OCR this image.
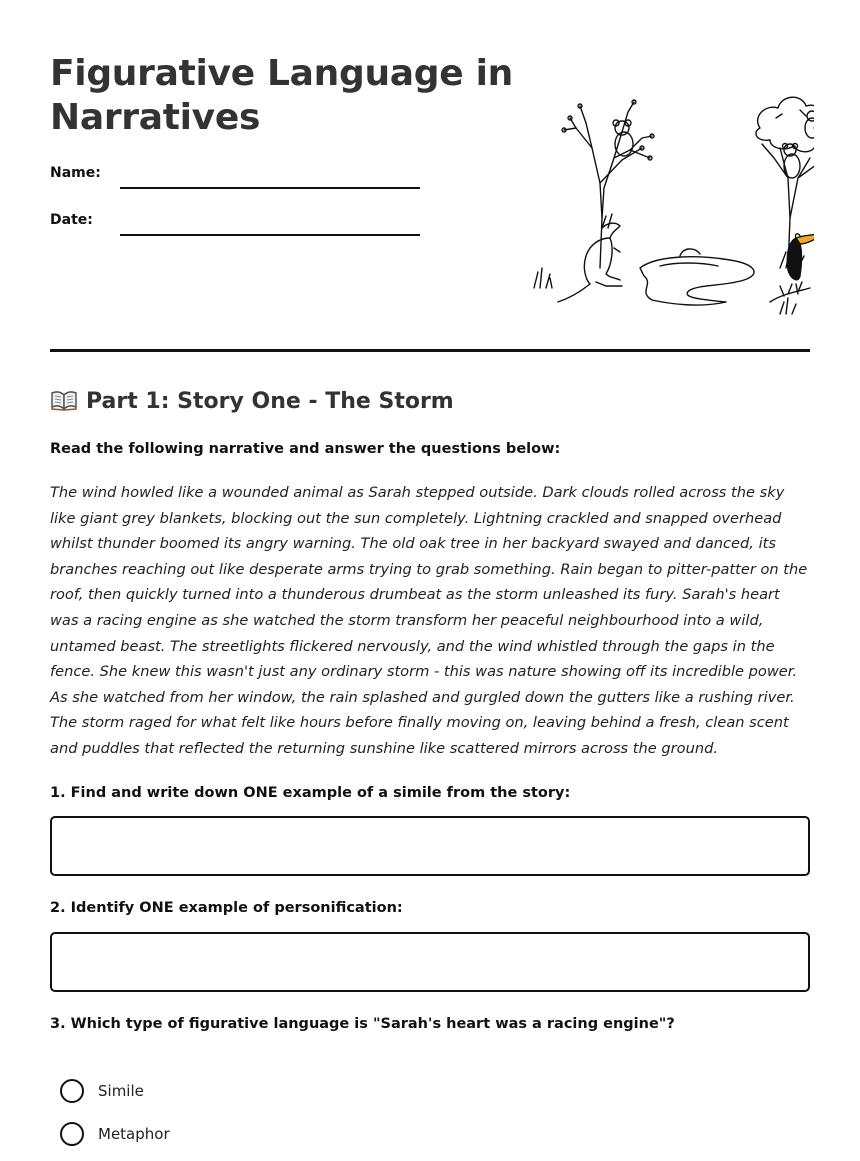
Figurative Language in Narratives
Name:
Date:
Part 1: Story One - The Storm

Read the following narrative and answer the questions below:

The wind howled like a wounded animal as Sarah stepped outside. Dark clouds rolled across the sky like giant grey blankets, blocking out the sun completely. Lightning crackled and snapped overhead whilst thunder boomed its angry warning. The old oak tree in her backyard swayed and danced, its branches reaching out like desperate arms trying to grab something. Rain began to pitter-patter on the roof, then quickly turned into a thunderous drumbeat as the storm unleashed its fury. Sarah's heart was a racing engine as she watched the storm transform her peaceful neighbourhood into a wild, untamed beast. The streetlights flickered nervously, and the wind whistled through the gaps in the fence. She knew this wasn't just any ordinary storm - this was nature showing off its incredible power. As she watched from her window, the rain splashed and gurgled down the gutters like a rushing river. The storm raged for what felt like hours before finally moving on, leaving behind a fresh, clean scent and puddles that reflected the returning sunshine like scattered mirrors across the ground.

1. Find and write down ONE example of a simile from the story:

2. Identify ONE example of personification:

3. Which type of figurative language is "Sarah's heart was a racing engine"?

Simile
Metaphor
